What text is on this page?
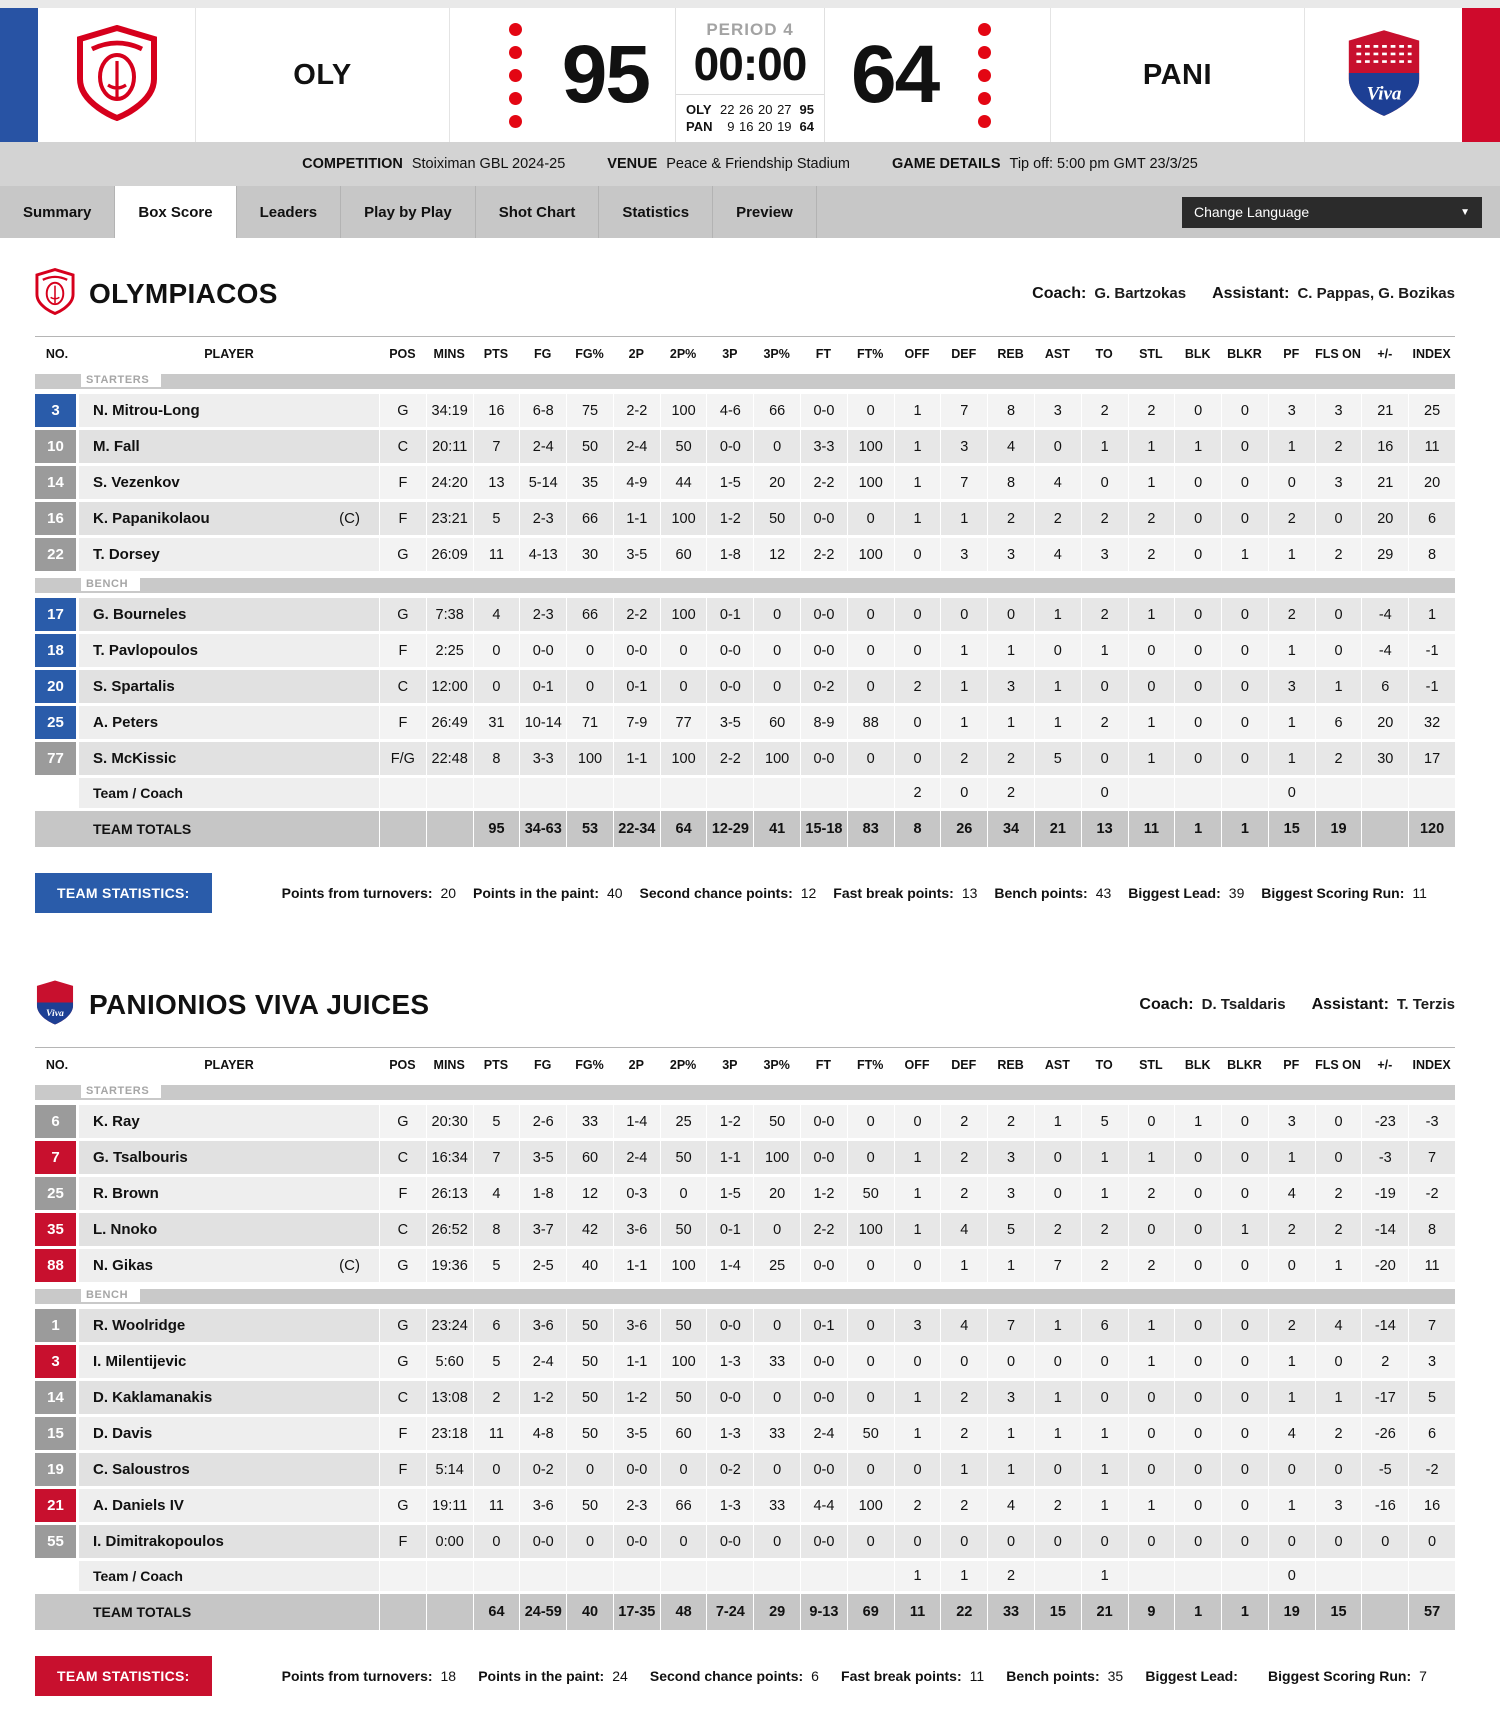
OLY	95	PERIOD 4
00:00
OLY 22 26 20 27 95
PAN	9 16 20 19 64
64	PANI
Viva
COMPETITION Stoiximan GBL 2024-25	VENUE Peace & Friendship Stadium	GAME DETAILS Tip off: 5:00 pm GMT 23/3/25
Summary	Box Score	Leaders	Play by Play	Shot Chart	Statistics	Preview	Change Language	▼
OLYMPIACOS	Coach: G. Bartzokas Assistant: C. Pappas, G. Bozikas
NO.	PLAYER	POS	MINS	PTS	FG	FG%	2P	2P%	3P	3P%	FT	FT%	OFF	DEF	REB	AST	TO	STL	BLK	BLKR	PF	FLS ON	+/-	INDEX

STARTERS																								

3	N. Mitrou-Long	G	34:19	16	6-8	75	2-2	100	4-6	66	0-0	0	1	7	8	3	2	2	0	0	3	3	21	25

10	M. Fall	C	20:11	7	2-4	50	2-4	50	0-0	0	3-3	100	1	3	4	0	1	1	1	0	1	2	16	11

14	S. Vezenkov	F	24:20	13	5-14	35	4-9	44	1-5	20	2-2	100	1	7	8	4	0	1	0	0	0	3	21	20

16	K. Papanikolaou (C)	F	23:21	5	2-3	66	1-1	100	1-2	50	0-0	0	1	1	2	2	2	2	0	0	2	0	20	6

22	T. Dorsey	G	26:09	11	4-13	30	3-5	60	1-8	12	2-2	100	0	3	3	4	3	2	0	1	1	2	29	8

BENCH																								

17	G. Bourneles	G	7:38	4	2-3	66	2-2	100	0-1	0	0-0	0	0	0	0	1	2	1	0	0	2	0	-4	1

18	T. Pavlopoulos	F	2:25	0	0-0	0	0-0	0	0-0	0	0-0	0	0	1	1	0	1	0	0	0	1	0	-4	-1

20	S. Spartalis	C	12:00	0	0-1	0	0-1	0	0-0	0	0-2	0	2	1	3	1	0	0	0	0	3	1	6	-1

25	A. Peters	F	26:49	31	10-14	71	7-9	77	3-5	60	8-9	88	0	1	1	1	2	1	0	0	1	6	20	32

77	S. McKissic	F/G	22:48	8	3-3	100	1-1	100	2-2	100	0-0	0	0	2	2	5	0	1	0	0	1	2	30	17
	Team / Coach												2	0	2		0				0			
	TEAM TOTALS			95	34-63	53	22-34	64	12-29	41	15-18	83	8	26	34	21	13	11	1	1	15	19		120
TEAM STATISTICS:	Points from turnovers: 20 Points in the paint: 40 Second chance points: 12 Fast break points: 13 Bench points: 43 Biggest Lead: 39 Biggest Scoring Run: 11
Viva PANIONIOS VIVA JUICES	Coach: D. Tsaldaris Assistant: T. Terzis
NO.	PLAYER	POS	MINS	PTS	FG	FG%	2P	2P%	3P	3P%	FT	FT%	OFF	DEF	REB	AST	TO	STL	BLK	BLKR	PF	FLS ON	+/-	INDEX

STARTERS																								

6	K. Ray	G	20:30	5	2-6	33	1-4	25	1-2	50	0-0	0	0	2	2	1	5	0	1	0	3	0	-23	-3

7	G. Tsalbouris	C	16:34	7	3-5	60	2-4	50	1-1	100	0-0	0	1	2	3	0	1	1	0	0	1	0	-3	7

25	R. Brown	F	26:13	4	1-8	12	0-3	0	1-5	20	1-2	50	1	2	3	0	1	2	0	0	4	2	-19	-2

35	L. Nnoko	C	26:52	8	3-7	42	3-6	50	0-1	0	2-2	100	1	4	5	2	2	0	0	1	2	2	-14	8

88	N. Gikas (C)	G	19:36	5	2-5	40	1-1	100	1-4	25	0-0	0	0	1	1	7	2	2	0	0	0	1	-20	11

BENCH																								

1	R. Woolridge	G	23:24	6	3-6	50	3-6	50	0-0	0	0-1	0	3	4	7	1	6	1	0	0	2	4	-14	7

3	I. Milentijevic	G	5:60	5	2-4	50	1-1	100	1-3	33	0-0	0	0	0	0	0	0	1	0	0	1	0	2	3

14	D. Kaklamanakis	C	13:08	2	1-2	50	1-2	50	0-0	0	0-0	0	1	2	3	1	0	0	0	0	1	1	-17	5

15	D. Davis	F	23:18	11	4-8	50	3-5	60	1-3	33	2-4	50	1	2	1	1	1	0	0	0	4	2	-26	6

19	C. Saloustros	F	5:14	0	0-2	0	0-0	0	0-2	0	0-0	0	0	1	1	0	1	0	0	0	0	0	-5	-2

21	A. Daniels IV	G	19:11	11	3-6	50	2-3	66	1-3	33	4-4	100	2	2	4	2	1	1	0	0	1	3	-16	16

55	I. Dimitrakopoulos	F	0:00	0	0-0	0	0-0	0	0-0	0	0-0	0	0	0	0	0	0	0	0	0	0	0	0	0
	Team / Coach												1	1	2		1				0			
	TEAM TOTALS			64	24-59	40	17-35	48	7-24	29	9-13	69	11	22	33	15	21	9	1	1	19	15		57
TEAM STATISTICS:	Points from turnovers: 18 Points in the paint: 24 Second chance points: 6 Fast break points: 11 Bench points: 35 Biggest Lead: Biggest Scoring Run: 7
